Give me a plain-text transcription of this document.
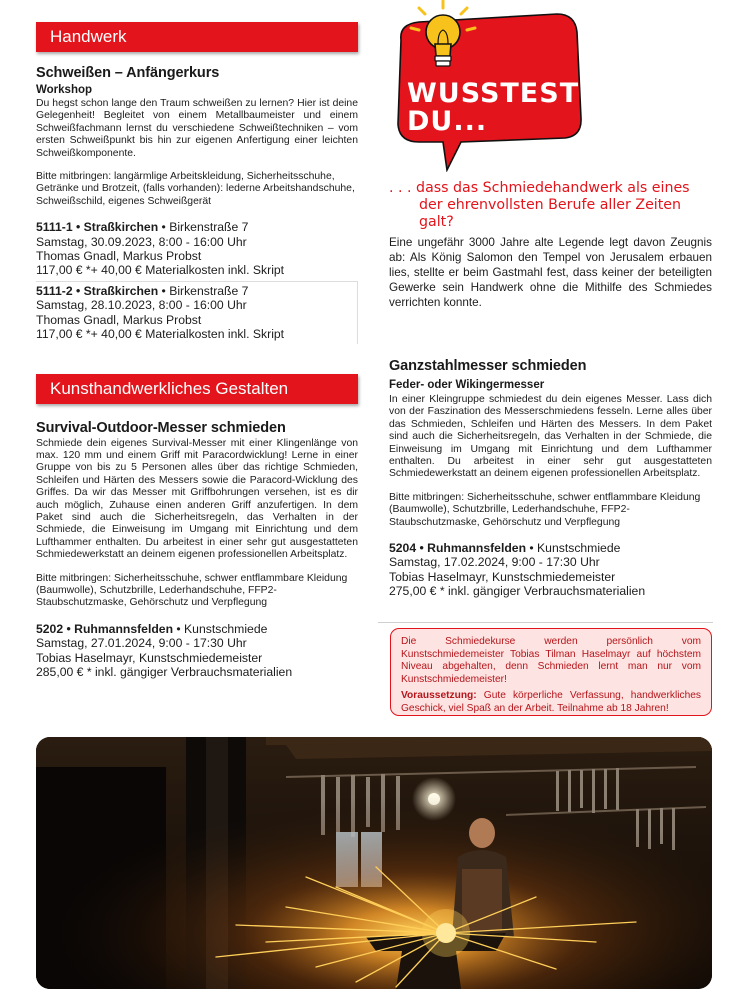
Handwerk
Schweißen – Anfängerkurs
Workshop
Du hegst schon lange den Traum schweißen zu lernen? Hier ist deine Gelegenheit! Begleitet von einem Metallbaumeister und einem Schweißfachmann lernst du verschiedene Schweißtechniken – vom ersten Schweißpunkt bis hin zur eigenen Anfertigung einer leichten Schweißkomponente.
Bitte mitbringen: langärmlige Arbeitskleidung, Sicherheitsschuhe, Getränke und Brotzeit, (falls vorhanden): lederne Arbeitshandschuhe, Schweißschild, eigenes Schweißgerät
5111-1 • Straßkirchen • Birkenstraße 7
Samstag, 30.09.2023, 8:00 - 16:00 Uhr
Thomas Gnadl, Markus Probst
117,00 € *+ 40,00 € Materialkosten inkl. Skript
5111-2 • Straßkirchen • Birkenstraße 7
Samstag, 28.10.2023, 8:00 - 16:00 Uhr
Thomas Gnadl, Markus Probst
117,00 € *+ 40,00 € Materialkosten inkl. Skript
Kunsthandwerkliches Gestalten
Survival-Outdoor-Messer schmieden
Schmiede dein eigenes Survival-Messer mit einer Klingenlänge von max. 120 mm und einem Griff mit Paracordwicklung! Lerne in einer Gruppe von bis zu 5 Personen alles über das richtige Schmieden, Schleifen und Härten des Messers sowie die Paracord-Wicklung des Griffes. Da wir das Messer mit Griffbohrungen versehen, ist es dir auch möglich, Zuhause einen anderen Griff anzufertigen. In dem Paket sind auch die Sicherheitsregeln, das Verhalten in der Schmiede, die Einweisung im Umgang mit Einrichtung und dem Lufthammer enthalten. Du arbeitest in einer sehr gut ausgestatteten Schmiedewerkstatt an deinem eigenen professionellen Arbeitsplatz.
Bitte mitbringen: Sicherheitsschuhe, schwer entflammbare Kleidung (Baumwolle), Schutzbrille, Lederhandschuhe, FFP2-Staubschutzmaske, Gehörschutz und Verpflegung
5202 • Ruhmannsfelden • Kunstschmiede
Samstag, 27.01.2024, 9:00 - 17:30 Uhr
Tobias Haselmayr, Kunstschmiedemeister
285,00 € * inkl. gängiger Verbrauchsmaterialien
WUSSTEST
DU...
. . . dass das Schmiedehandwerk als eines
der ehrenvollsten Berufe aller Zeiten galt?
Eine ungefähr 3000 Jahre alte Legende legt davon Zeugnis ab: Als König Salomon den Tempel von Jerusalem erbauen lies, stellte er beim Gastmahl fest, dass keiner der beteiligten Gewerke sein Handwerk ohne die Mithilfe des Schmiedes verrichten konnte.
Ganzstahlmesser schmieden
Feder- oder Wikingermesser
In einer Kleingruppe schmiedest du dein eigenes Messer. Lass dich von der Faszination des Messerschmiedens fesseln. Lerne alles über das Schmieden, Schleifen und Härten des Messers. In dem Paket sind auch die Sicherheitsregeln, das Verhalten in der Schmiede, die Einweisung im Umgang mit Einrichtung und dem Lufthammer enthalten. Du arbeitest in einer sehr gut ausgestatteten Schmiedewerkstatt an deinem eigenen professionellen Arbeitsplatz.
Bitte mitbringen: Sicherheitsschuhe, schwer entflammbare Kleidung (Baumwolle), Schutzbrille, Lederhandschuhe, FFP2-Staubschutzmaske, Gehörschutz und Verpflegung
5204 • Ruhmannsfelden • Kunstschmiede
Samstag, 17.02.2024, 9:00 - 17:30 Uhr
Tobias Haselmayr, Kunstschmiedemeister
275,00 € * inkl. gängiger Verbrauchsmaterialien
Die Schmiedekurse werden persönlich vom Kunstschmiedemeister Tobias Tilman Haselmayr auf höchstem Niveau abgehalten, denn Schmieden lernt man nur vom Kunstschmiedemeister!
Voraussetzung: Gute körperliche Verfassung, handwerkliches Geschick, viel Spaß an der Arbeit. Teilnahme ab 18 Jahren!
